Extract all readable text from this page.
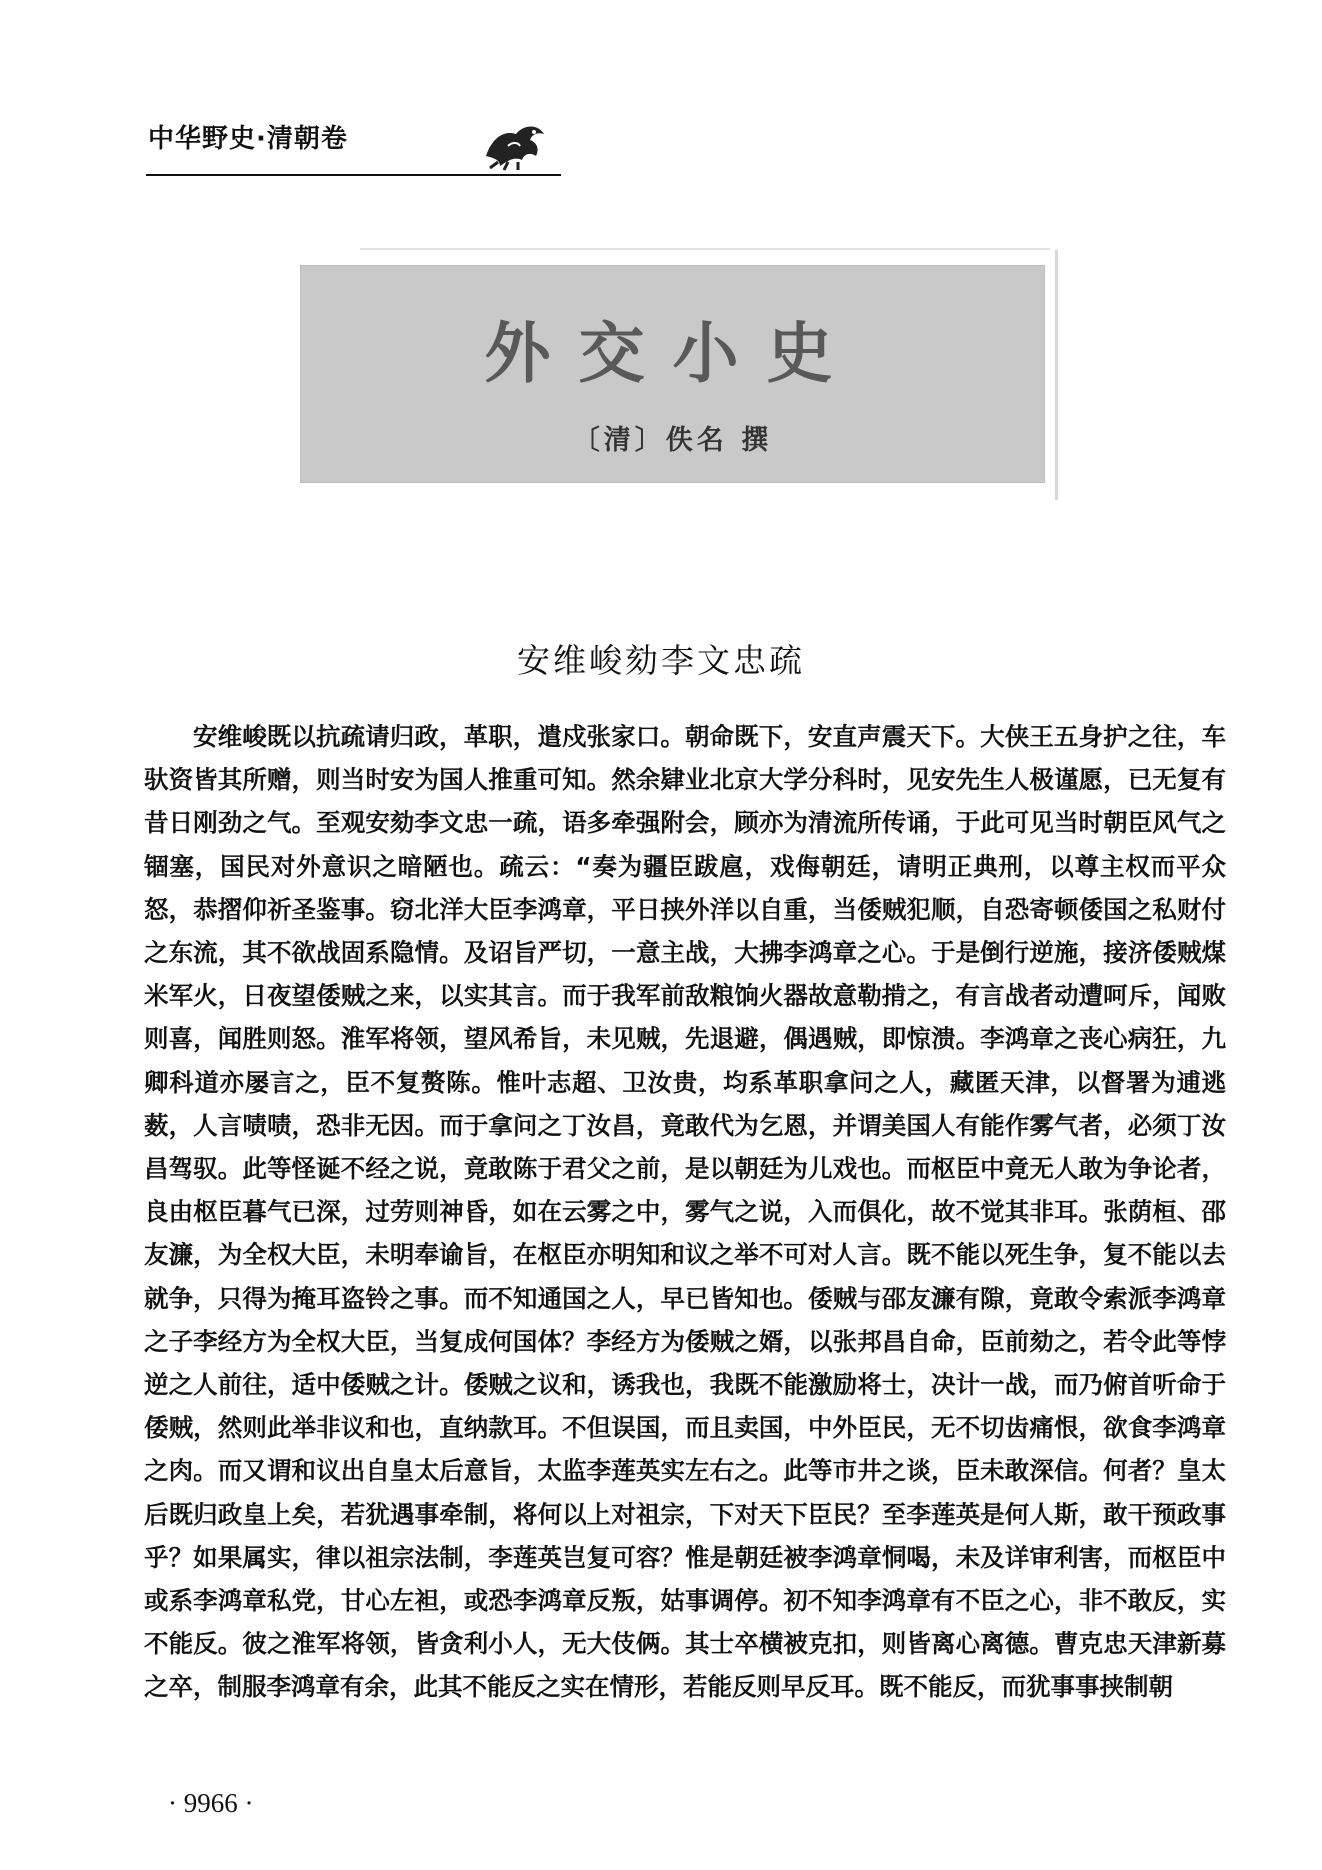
中华野史·清朝卷
外交小史
〔清〕佚名 撰
安维峻劾李文忠疏

安维峻既以抗疏请归政，革职，遣戍张家口。朝命既下，安直声震天下。大侠王五身护之往，车驮资皆其所赠，则当时安为国人推重可知。然余肄业北京大学分科时，见安先生人极谨愿，已无复有昔日刚劲之气。至观安劾李文忠一疏，语多牵强附会，顾亦为清流所传诵，于此可见当时朝臣风气之锢塞，国民对外意识之暗陋也。疏云：“奏为疆臣跋扈，戏侮朝廷，请明正典刑，以尊主权而平众怒，恭摺仰祈圣鉴事。窃北洋大臣李鸿章，平日挟外洋以自重，当倭贼犯顺，自恐寄顿倭国之私财付之东流，其不欲战固系隐情。及诏旨严切，一意主战，大拂李鸿章之心。于是倒行逆施，接济倭贼煤米军火，日夜望倭贼之来，以实其言。而于我军前敌粮饷火器故意勒掯之，有言战者动遭呵斥，闻败则喜，闻胜则怒。淮军将领，望风希旨，未见贼，先退避，偶遇贼，即惊溃。李鸿章之丧心病狂，九卿科道亦屡言之，臣不复赘陈。惟叶志超、卫汝贵，均系革职拿问之人，藏匿天津，以督署为逋逃薮，人言啧啧，恐非无因。而于拿问之丁汝昌，竟敢代为乞恩，并谓美国人有能作雾气者，必须丁汝昌驾驭。此等怪诞不经之说，竟敢陈于君父之前，是以朝廷为儿戏也。而枢臣中竟无人敢为争论者，良由枢臣暮气已深，过劳则神昏，如在云雾之中，雾气之说，入而俱化，故不觉其非耳。张荫桓、邵友濂，为全权大臣，未明奉谕旨，在枢臣亦明知和议之举不可对人言。既不能以死生争，复不能以去就争，只得为掩耳盗铃之事。而不知通国之人，早已皆知也。倭贼与邵友濂有隙，竟敢令索派李鸿章之子李经方为全权大臣，当复成何国体？李经方为倭贼之婿，以张邦昌自命，臣前劾之，若令此等悖逆之人前往，适中倭贼之计。倭贼之议和，诱我也，我既不能激励将士，决计一战，而乃俯首听命于倭贼，然则此举非议和也，直纳款耳。不但误国，而且卖国，中外臣民，无不切齿痛恨，欲食李鸿章之肉。而又谓和议出自皇太后意旨，太监李莲英实左右之。此等市井之谈，臣未敢深信。何者？皇太后既归政皇上矣，若犹遇事牵制，将何以上对祖宗，下对天下臣民？至李莲英是何人斯，敢干预政事乎？如果属实，律以祖宗法制，李莲英岂复可容？惟是朝廷被李鸿章恫喝，未及详审利害，而枢臣中或系李鸿章私党，甘心左袒，或恐李鸿章反叛，姑事调停。初不知李鸿章有不臣之心，非不敢反，实不能反。彼之淮军将领，皆贪利小人，无大伎俩。其士卒横被克扣，则皆离心离德。曹克忠天津新募之卒，制服李鸿章有余，此其不能反之实在情形，若能反则早反耳。既不能反，而犹事事挟制朝

· 9966 ·
